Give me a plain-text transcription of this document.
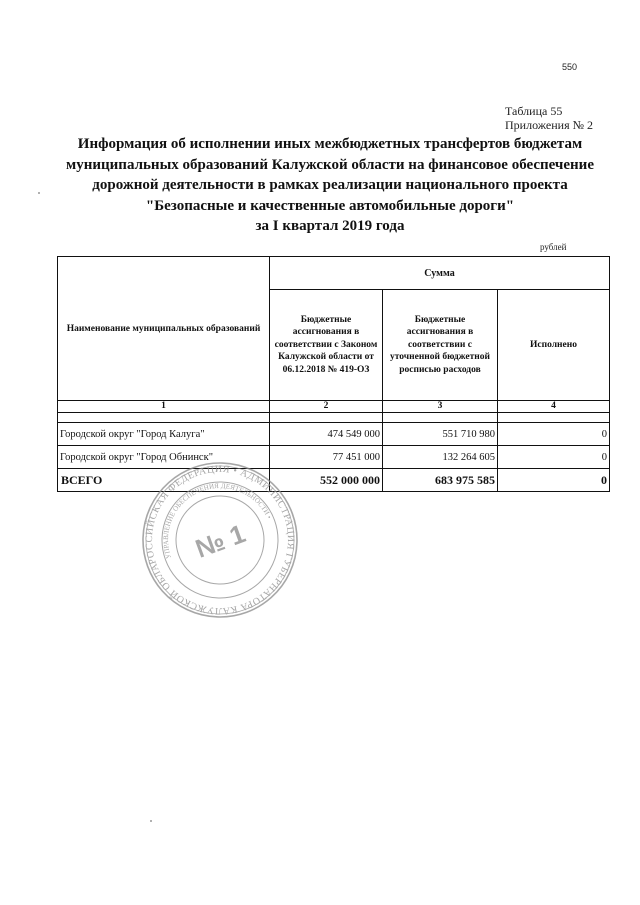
550
Таблица 55
Приложения № 2
Информация об исполнении иных межбюджетных трансфертов бюджетам
муниципальных образований Калужской области на финансовое обеспечение
дорожной деятельности в рамках реализации национального проекта
"Безопасные и качественные автомобильные дороги"
за I квартал 2019 года
рублей
Наименование муниципальных образований	Сумма		
	Бюджетные ассигнования в соответствии с Законом Калужской области от 06.12.2018 № 419-ОЗ	Бюджетные ассигнования в соответствии с уточненной бюджетной росписью расходов	Исполнено
1	2	3	4

Городской округ "Город Калуга"	474 549 000	551 710 980	0
Городской округ "Город Обнинск"	77 451 000	132 264 605	0
ВСЕГО	552 000 000	683 975 585	0
РОССИЙСКАЯ ФЕДЕРАЦИЯ • АДМИНИСТРАЦИЯ ГУБЕРНАТОРА КАЛУЖСКОЙ ОБЛАСТИ
УПРАВЛЕНИЕ ОБЕСПЕЧЕНИЯ ДЕЯТЕЛЬНОСТИ •
№ 1
